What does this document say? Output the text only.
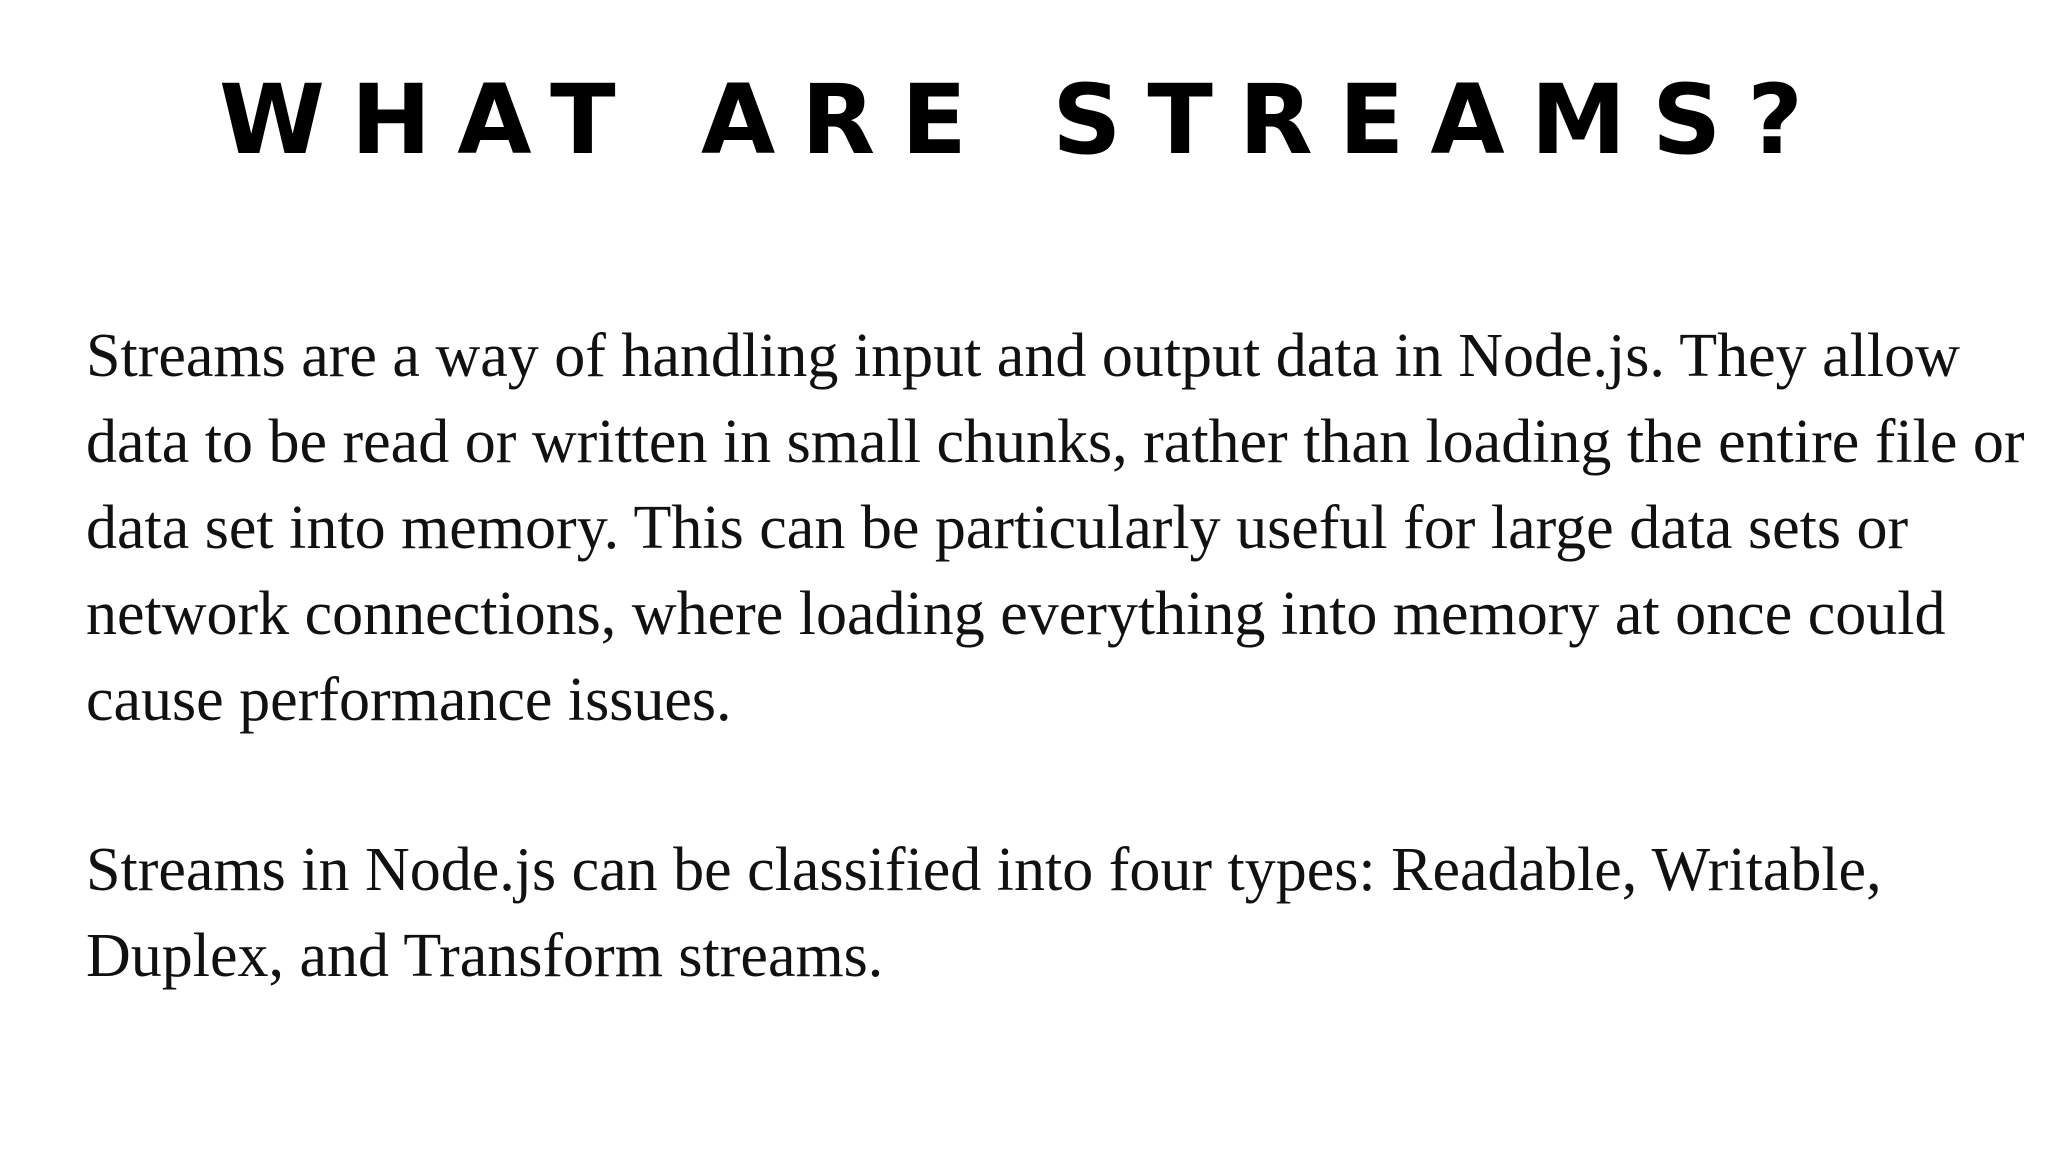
WHAT ARE STREAMS?

Streams are a way of handling input and output data in Node.js. They allow data to be read or written in small chunks, rather than loading the entire file or data set into memory. This can be particularly useful for large data sets or network connections, where loading everything into memory at once could cause performance issues.

Streams in Node.js can be classified into four types: Readable, Writable, Duplex, and Transform streams.
